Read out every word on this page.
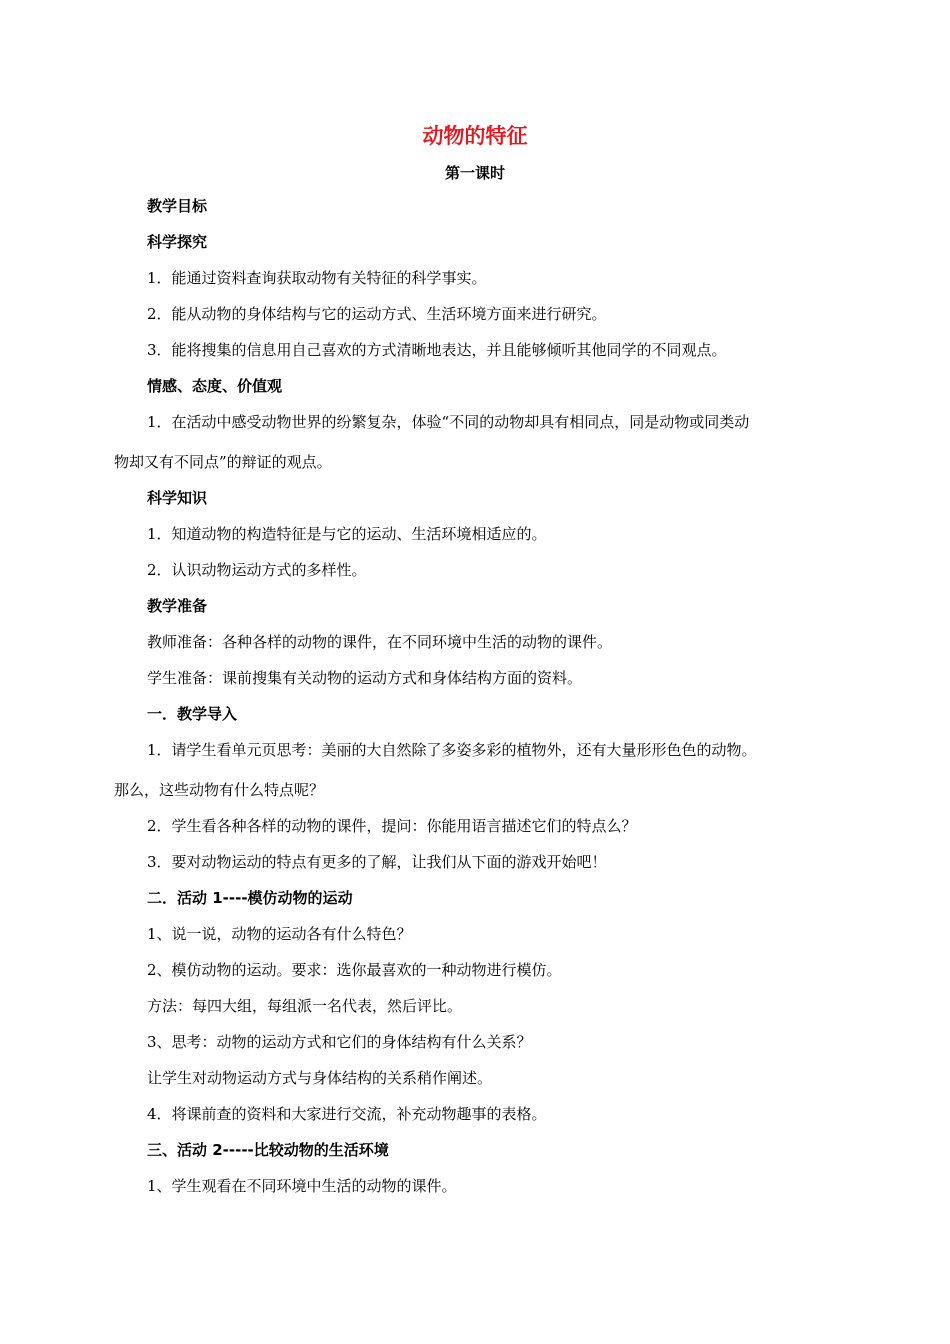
动物的特征
第一课时
教学目标
科学探究
1．能通过资料查询获取动物有关特征的科学事实。
2．能从动物的身体结构与它的运动方式、生活环境方面来进行研究。
3．能将搜集的信息用自己喜欢的方式清晰地表达，并且能够倾听其他同学的不同观点。
情感、态度、价值观
1．在活动中感受动物世界的纷繁复杂，体验“不同的动物却具有相同点，同是动物或同类动
物却又有不同点”的辩证的观点。
科学知识
1．知道动物的构造特征是与它的运动、生活环境相适应的。
2．认识动物运动方式的多样性。
教学准备
教师准备：各种各样的动物的课件，在不同环境中生活的动物的课件。
学生准备：课前搜集有关动物的运动方式和身体结构方面的资料。
一．教学导入
1．请学生看单元页思考：美丽的大自然除了多姿多彩的植物外，还有大量形形色色的动物。
那么，这些动物有什么特点呢？
2．学生看各种各样的动物的课件，提问：你能用语言描述它们的特点么？
3．要对动物运动的特点有更多的了解，让我们从下面的游戏开始吧！
二．活动 1----模仿动物的运动
1、说一说，动物的运动各有什么特色？
2、模仿动物的运动。要求：选你最喜欢的一种动物进行模仿。
方法：每四大组，每组派一名代表，然后评比。
3、思考：动物的运动方式和它们的身体结构有什么关系？
让学生对动物运动方式与身体结构的关系稍作阐述。
4．将课前查的资料和大家进行交流，补充动物趣事的表格。
三、活动 2-----比较动物的生活环境
1、学生观看在不同环境中生活的动物的课件。
